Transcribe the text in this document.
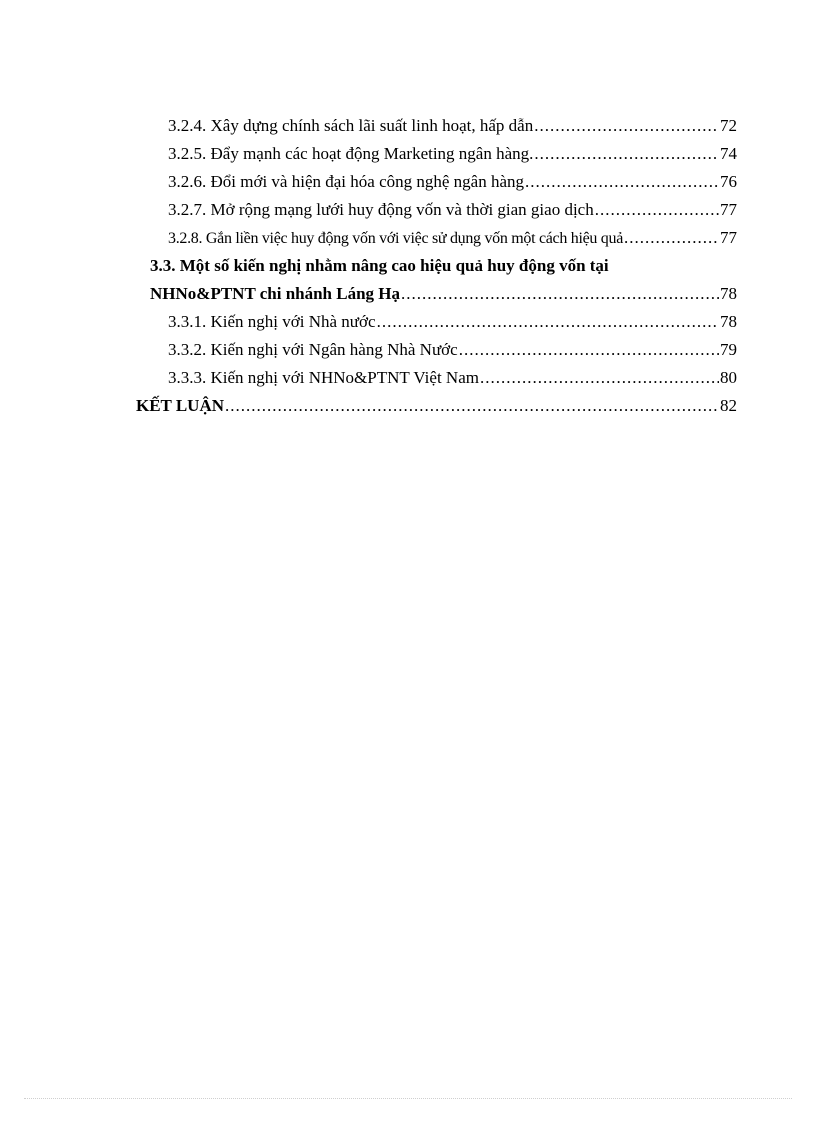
3.2.4. Xây dựng chính sách lãi suất linh hoạt, hấp dẫn .....	72
3.2.5. Đẩy mạnh các hoạt động Marketing ngân hàng. .....	74
3.2.6. Đổi mới và hiện đại hóa công nghệ ngân hàng .....	76
3.2.7. Mở rộng mạng lưới huy động vốn và thời gian giao dịch .....	77
3.2.8. Gắn liền việc huy động vốn với việc sử dụng vốn một cách hiệu quả .....	77
3.3. Một số kiến nghị nhằm nâng cao hiệu quả huy động vốn tại
NHNo&PTNT chi nhánh Láng Hạ .....	78
3.3.1. Kiến nghị với Nhà nước .....	78
3.3.2. Kiến nghị với Ngân hàng Nhà Nước .....	79
3.3.3. Kiến nghị với NHNo&PTNT Việt Nam .....	80
KẾT LUẬN .....	82
